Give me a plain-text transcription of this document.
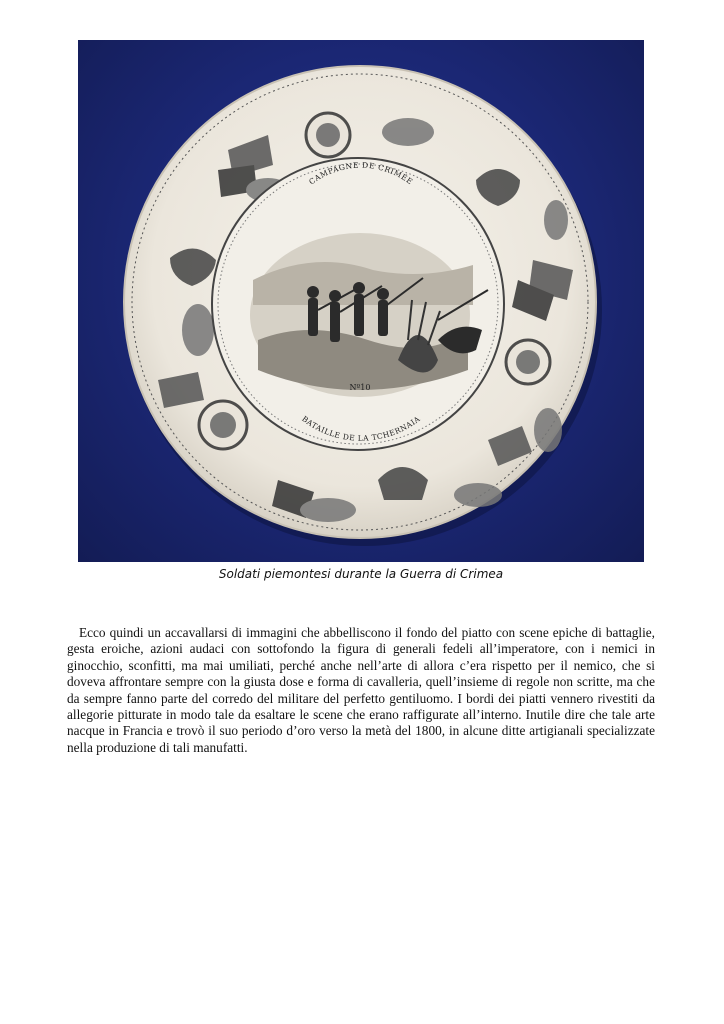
CAMPAGNE DE CRIMÉE
Nº10
BATAILLE DE LA TCHERNAIA
Soldati piemontesi durante la Guerra di Crimea

Ecco quindi un accavallarsi di immagini che abbelliscono il fondo del piatto con scene epiche di battaglie, gesta eroiche, azioni audaci con sottofondo la figura di generali fedeli all’imperatore, con i nemici in ginocchio, sconfitti, ma mai umiliati, perché anche nell’arte di allora c’era rispetto per il nemico, che si doveva affrontare sempre con la giusta dose e forma di cavalleria, quell’insieme di regole non scritte, ma che da sempre fanno parte del corredo del militare del perfetto gentiluomo. I bordi dei piatti vennero rivestiti da allegorie pitturate in modo tale da esaltare le scene che erano raffigurate all’interno. Inutile dire che tale arte nacque in Francia e trovò il suo periodo d’oro verso la metà del 1800, in alcune ditte artigianali specializzate nella produzione di tali manufatti.
